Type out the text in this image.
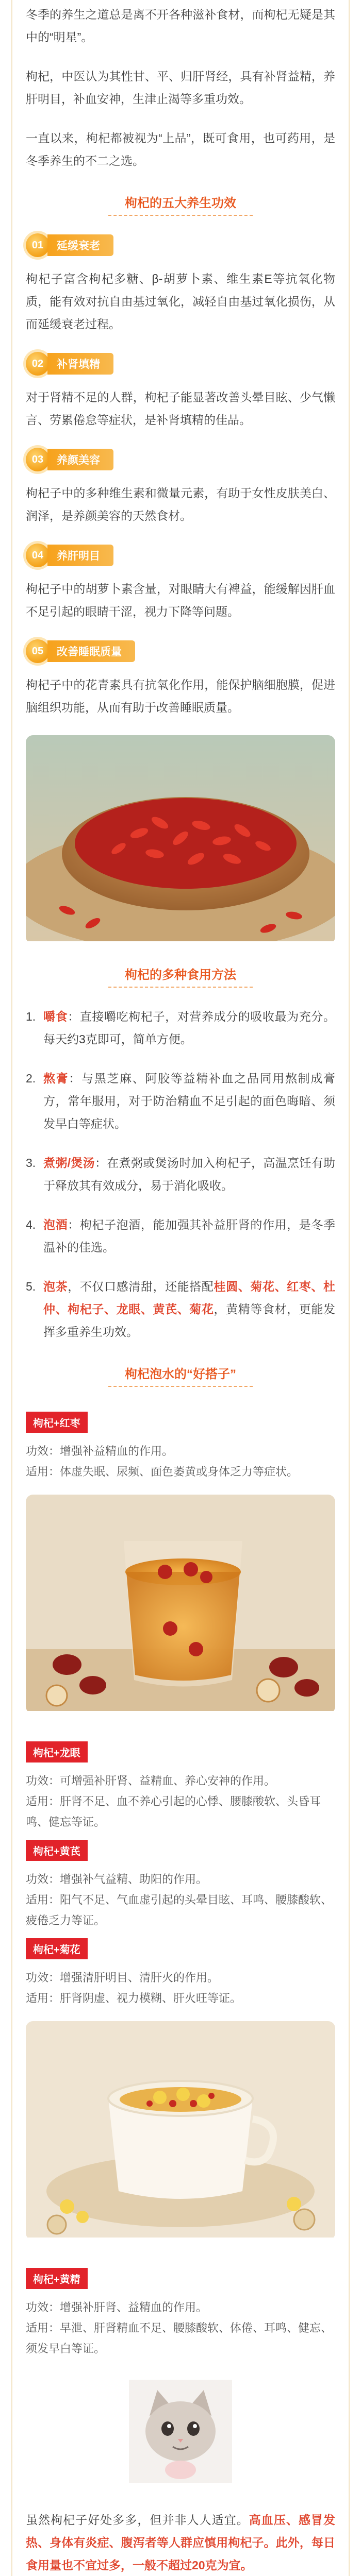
冬季的养生之道总是离不开各种滋补食材，而枸杞无疑是其中的“明星”。

枸杞，中医认为其性甘、平、归肝肾经，具有补肾益精，养肝明目，补血安神，生津止渴等多重功效。

一直以来，枸杞都被视为“上品”，既可食用，也可药用，是冬季养生的不二之选。

枸杞的五大养生功效
01	延缓衰老

枸杞子富含枸杞多糖、β-胡萝卜素、维生素E等抗氧化物质，能有效对抗自由基过氧化，减轻自由基过氧化损伤，从而延缓衰老过程。

02	补肾填精

对于肾精不足的人群，枸杞子能显著改善头晕目眩、少气懒言、劳累倦怠等症状，是补肾填精的佳品。

03	养颜美容

枸杞子中的多种维生素和微量元素，有助于女性皮肤美白、润泽，是养颜美容的天然食材。

04	养肝明目

枸杞子中的胡萝卜素含量，对眼睛大有裨益，能缓解因肝血不足引起的眼睛干涩，视力下降等问题。

05	改善睡眠质量

枸杞子中的花青素具有抗氧化作用，能保护脑细胞膜，促进脑组织功能，从而有助于改善睡眠质量。

枸杞的多种食用方法
1. 嚼食：直接嚼吃枸杞子，对营养成分的吸收最为充分。每天约3克即可，简单方便。
2. 熬膏：与黑芝麻、阿胶等益精补血之品同用熬制成膏方，常年服用，对于防治精血不足引起的面色晦暗、须发早白等症状。
3. 煮粥/煲汤：在煮粥或煲汤时加入枸杞子，高温烹饪有助于释放其有效成分，易于消化吸收。
4. 泡酒：枸杞子泡酒，能加强其补益肝肾的作用，是冬季温补的佳选。
5. 泡茶，不仅口感清甜，还能搭配桂圆、菊花、红枣、杜仲、枸杞子、龙眼、黄芪、菊花，黄精等食材，更能发挥多重养生功效。
枸杞泡水的“好搭子”
枸杞+红枣

功效：增强补益精血的作用。

适用：体虚失眠、尿频、面色萎黄或身体乏力等症状。

枸杞+龙眼

功效：可增强补肝肾、益精血、养心安神的作用。

适用：肝肾不足、血不养心引起的心悸、腰膝酸软、头昏耳鸣、健忘等证。

枸杞+黄芪

功效：增强补气益精、助阳的作用。

适用：阳气不足、气血虚引起的头晕目眩、耳鸣、腰膝酸软、疲倦乏力等证。

枸杞+菊花

功效：增强清肝明目、清肝火的作用。

适用：肝肾阴虚、视力模糊、肝火旺等证。

枸杞+黄精

功效：增强补肝肾、益精血的作用。

适用：早泄、肝肾精血不足、腰膝酸软、体倦、耳鸣、健忘、须发早白等证。

虽然枸杞子好处多多，但并非人人适宜。高血压、感冒发热、身体有炎症、腹泻者等人群应慎用枸杞子。此外，每日食用量也不宜过多，一般不超过20克为宜。
